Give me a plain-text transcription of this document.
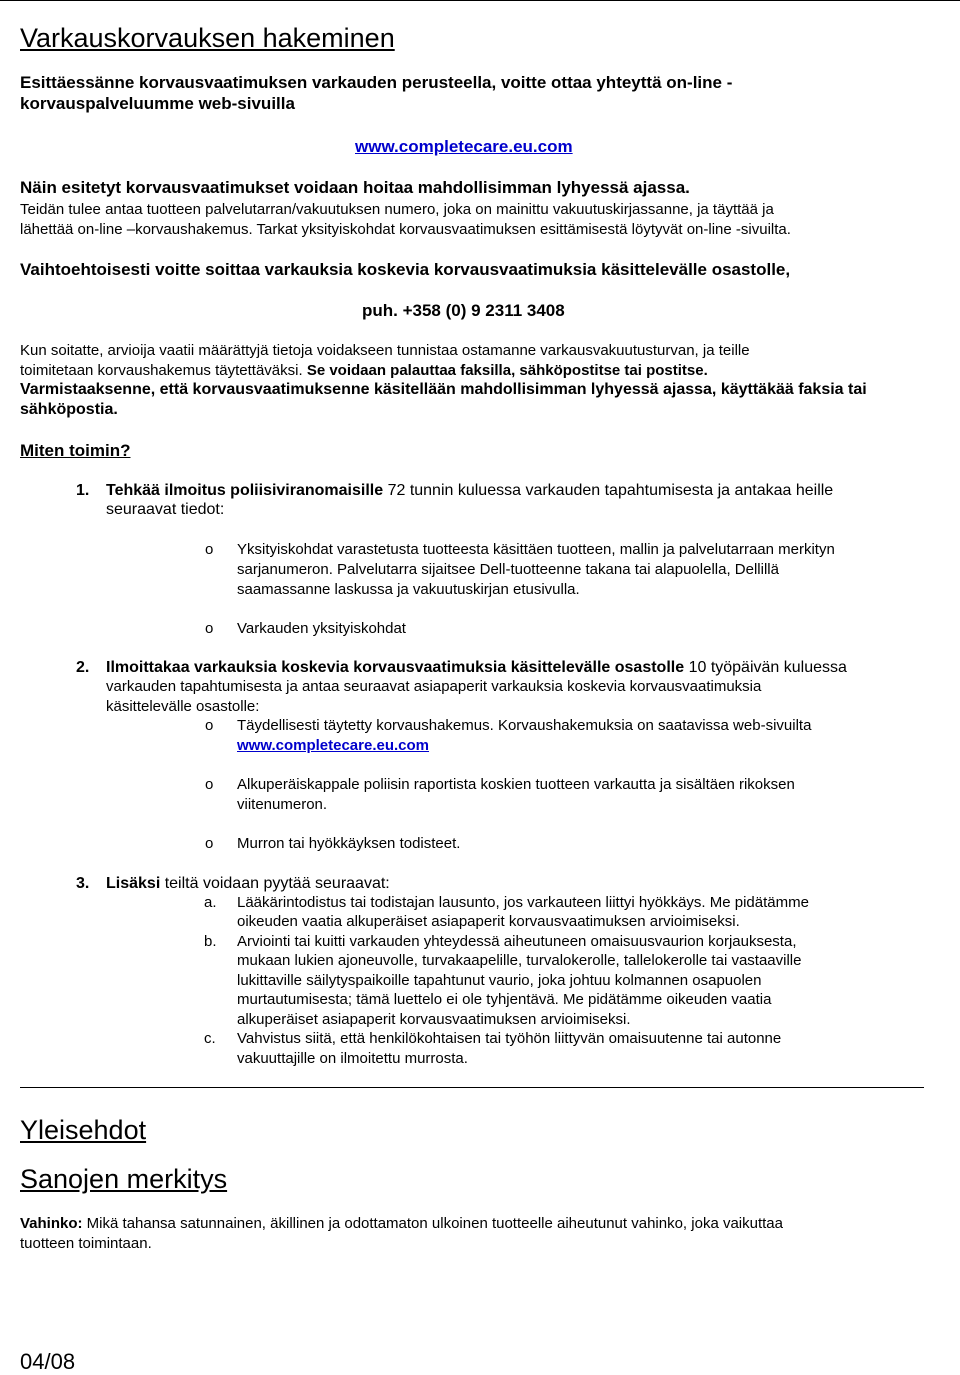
Varkauskorvauksen hakeminen

Esittäessänne korvausvaatimuksen varkauden perusteella, voitte ottaa yhteyttä on-line -

korvauspalveluumme web-sivuilla

www.completecare.eu.com

Näin esitetyt korvausvaatimukset voidaan hoitaa mahdollisimman lyhyessä ajassa.

Teidän tulee antaa tuotteen palvelutarran/vakuutuksen numero, joka on mainittu vakuutuskirjassanne, ja täyttää ja

lähettää on-line –korvaushakemus. Tarkat yksityiskohdat korvausvaatimuksen esittämisestä löytyvät on-line -sivuilta.

Vaihtoehtoisesti voitte soittaa varkauksia koskevia korvausvaatimuksia käsittelevälle osastolle,

puh. +358 (0) 9 2311 3408

Kun soitatte, arvioija vaatii määrättyjä tietoja voidakseen tunnistaa ostamanne varkausvakuutusturvan, ja teille

toimitetaan korvaushakemus täytettäväksi. Se voidaan palauttaa faksilla, sähköpostitse tai postitse.

Varmistaaksenne, että korvausvaatimuksenne käsitellään mahdollisimman lyhyessä ajassa, käyttäkää faksia tai

sähköpostia.

Miten toimin?
1. Tehkää ilmoitus poliisiviranomaisille 72 tunnin kuluessa varkauden tapahtumisesta ja antakaa heille

seuraavat tiedot:

o Yksityiskohdat varastetusta tuotteesta käsittäen tuotteen, mallin ja palvelutarraan merkityn

sarjanumeron. Palvelutarra sijaitsee Dell-tuotteenne takana tai alapuolella, Dellillä

saamassanne laskussa ja vakuutuskirjan etusivulla.

o Varkauden yksityiskohdat

2. Ilmoittakaa varkauksia koskevia korvausvaatimuksia käsittelevälle osastolle 10 työpäivän kuluessa

varkauden tapahtumisesta ja antaa seuraavat asiapaperit varkauksia koskevia korvausvaatimuksia

käsittelevälle osastolle:

o Täydellisesti täytetty korvaushakemus. Korvaushakemuksia on saatavissa web-sivuilta

www.completecare.eu.com
o Alkuperäiskappale poliisin raportista koskien tuotteen varkautta ja sisältäen rikoksen

viitenumeron.

o Murron tai hyökkäyksen todisteet.

3. Lisäksi teiltä voidaan pyytää seuraavat:

a. Lääkärintodistus tai todistajan lausunto, jos varkauteen liittyi hyökkäys. Me pidätämme

oikeuden vaatia alkuperäiset asiapaperit korvausvaatimuksen arvioimiseksi.

b. Arviointi tai kuitti varkauden yhteydessä aiheutuneen omaisuusvaurion korjauksesta,

mukaan lukien ajoneuvolle, turvakaapelille, turvalokerolle, tallelokerolle tai vastaaville

lukittaville säilytyspaikoille tapahtunut vaurio, joka johtuu kolmannen osapuolen

murtautumisesta; tämä luettelo ei ole tyhjentävä. Me pidätämme oikeuden vaatia

alkuperäiset asiapaperit korvausvaatimuksen arvioimiseksi.

c. Vahvistus siitä, että henkilökohtaisen tai työhön liittyvän omaisuutenne tai autonne

vakuuttajille on ilmoitettu murrosta.

Yleisehdot
Sanojen merkitys

Vahinko: Mikä tahansa satunnainen, äkillinen ja odottamaton ulkoinen tuotteelle aiheutunut vahinko, joka vaikuttaa

tuotteen toimintaan.

04/08
